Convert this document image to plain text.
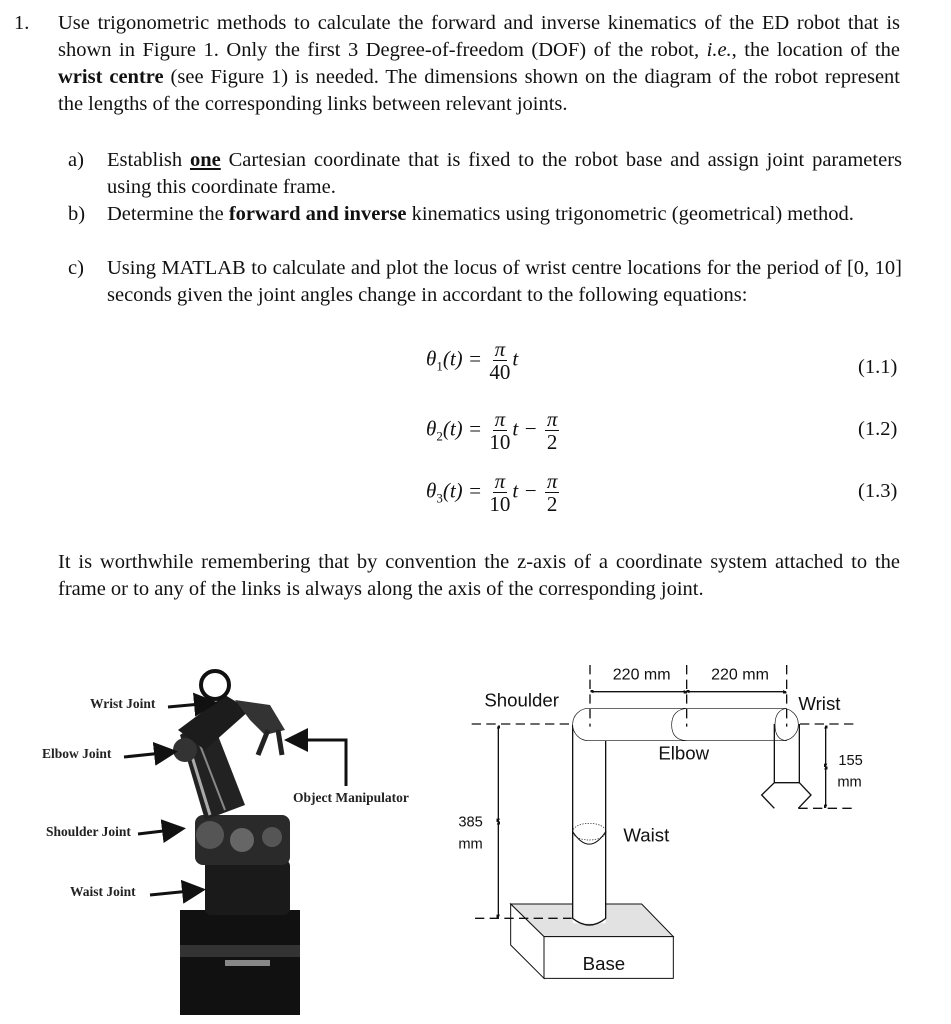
1. Use trigonometric methods to calculate the forward and inverse kinematics of the ED robot that is shown in Figure 1. Only the first 3 Degree-of-freedom (DOF) of the robot, i.e., the location of the wrist centre (see Figure 1) is needed. The dimensions shown on the diagram of the robot represent the lengths of the corresponding links between relevant joints.
a) Establish one Cartesian coordinate that is fixed to the robot base and assign joint parameters using this coordinate frame.
b) Determine the forward and inverse kinematics using trigonometric (geometrical) method.
c) Using MATLAB to calculate and plot the locus of wrist centre locations for the period of [0, 10] seconds given the joint angles change in accordant to the following equations:
$\theta_1(t) = \frac{\pi}{40}$ t	(1.1)
$\theta_2(t) = \frac{\pi}{10}$ $t - \frac{\pi}{2}$	(1.2)
$\theta_3(t) = \frac{\pi}{10}$ $t - \frac{\pi}{2}$	(1.3)
It is worthwhile remembering that by convention the z-axis of a coordinate system attached to the frame or to any of the links is always along the axis of the corresponding joint.
Wrist Joint
Elbow Joint
Object Manipulator
Shoulder Joint
Waist Joint
220 mm 220 mm
Shoulder	Wrist
Elbow
Waist
Base
385
mm
155
mm
